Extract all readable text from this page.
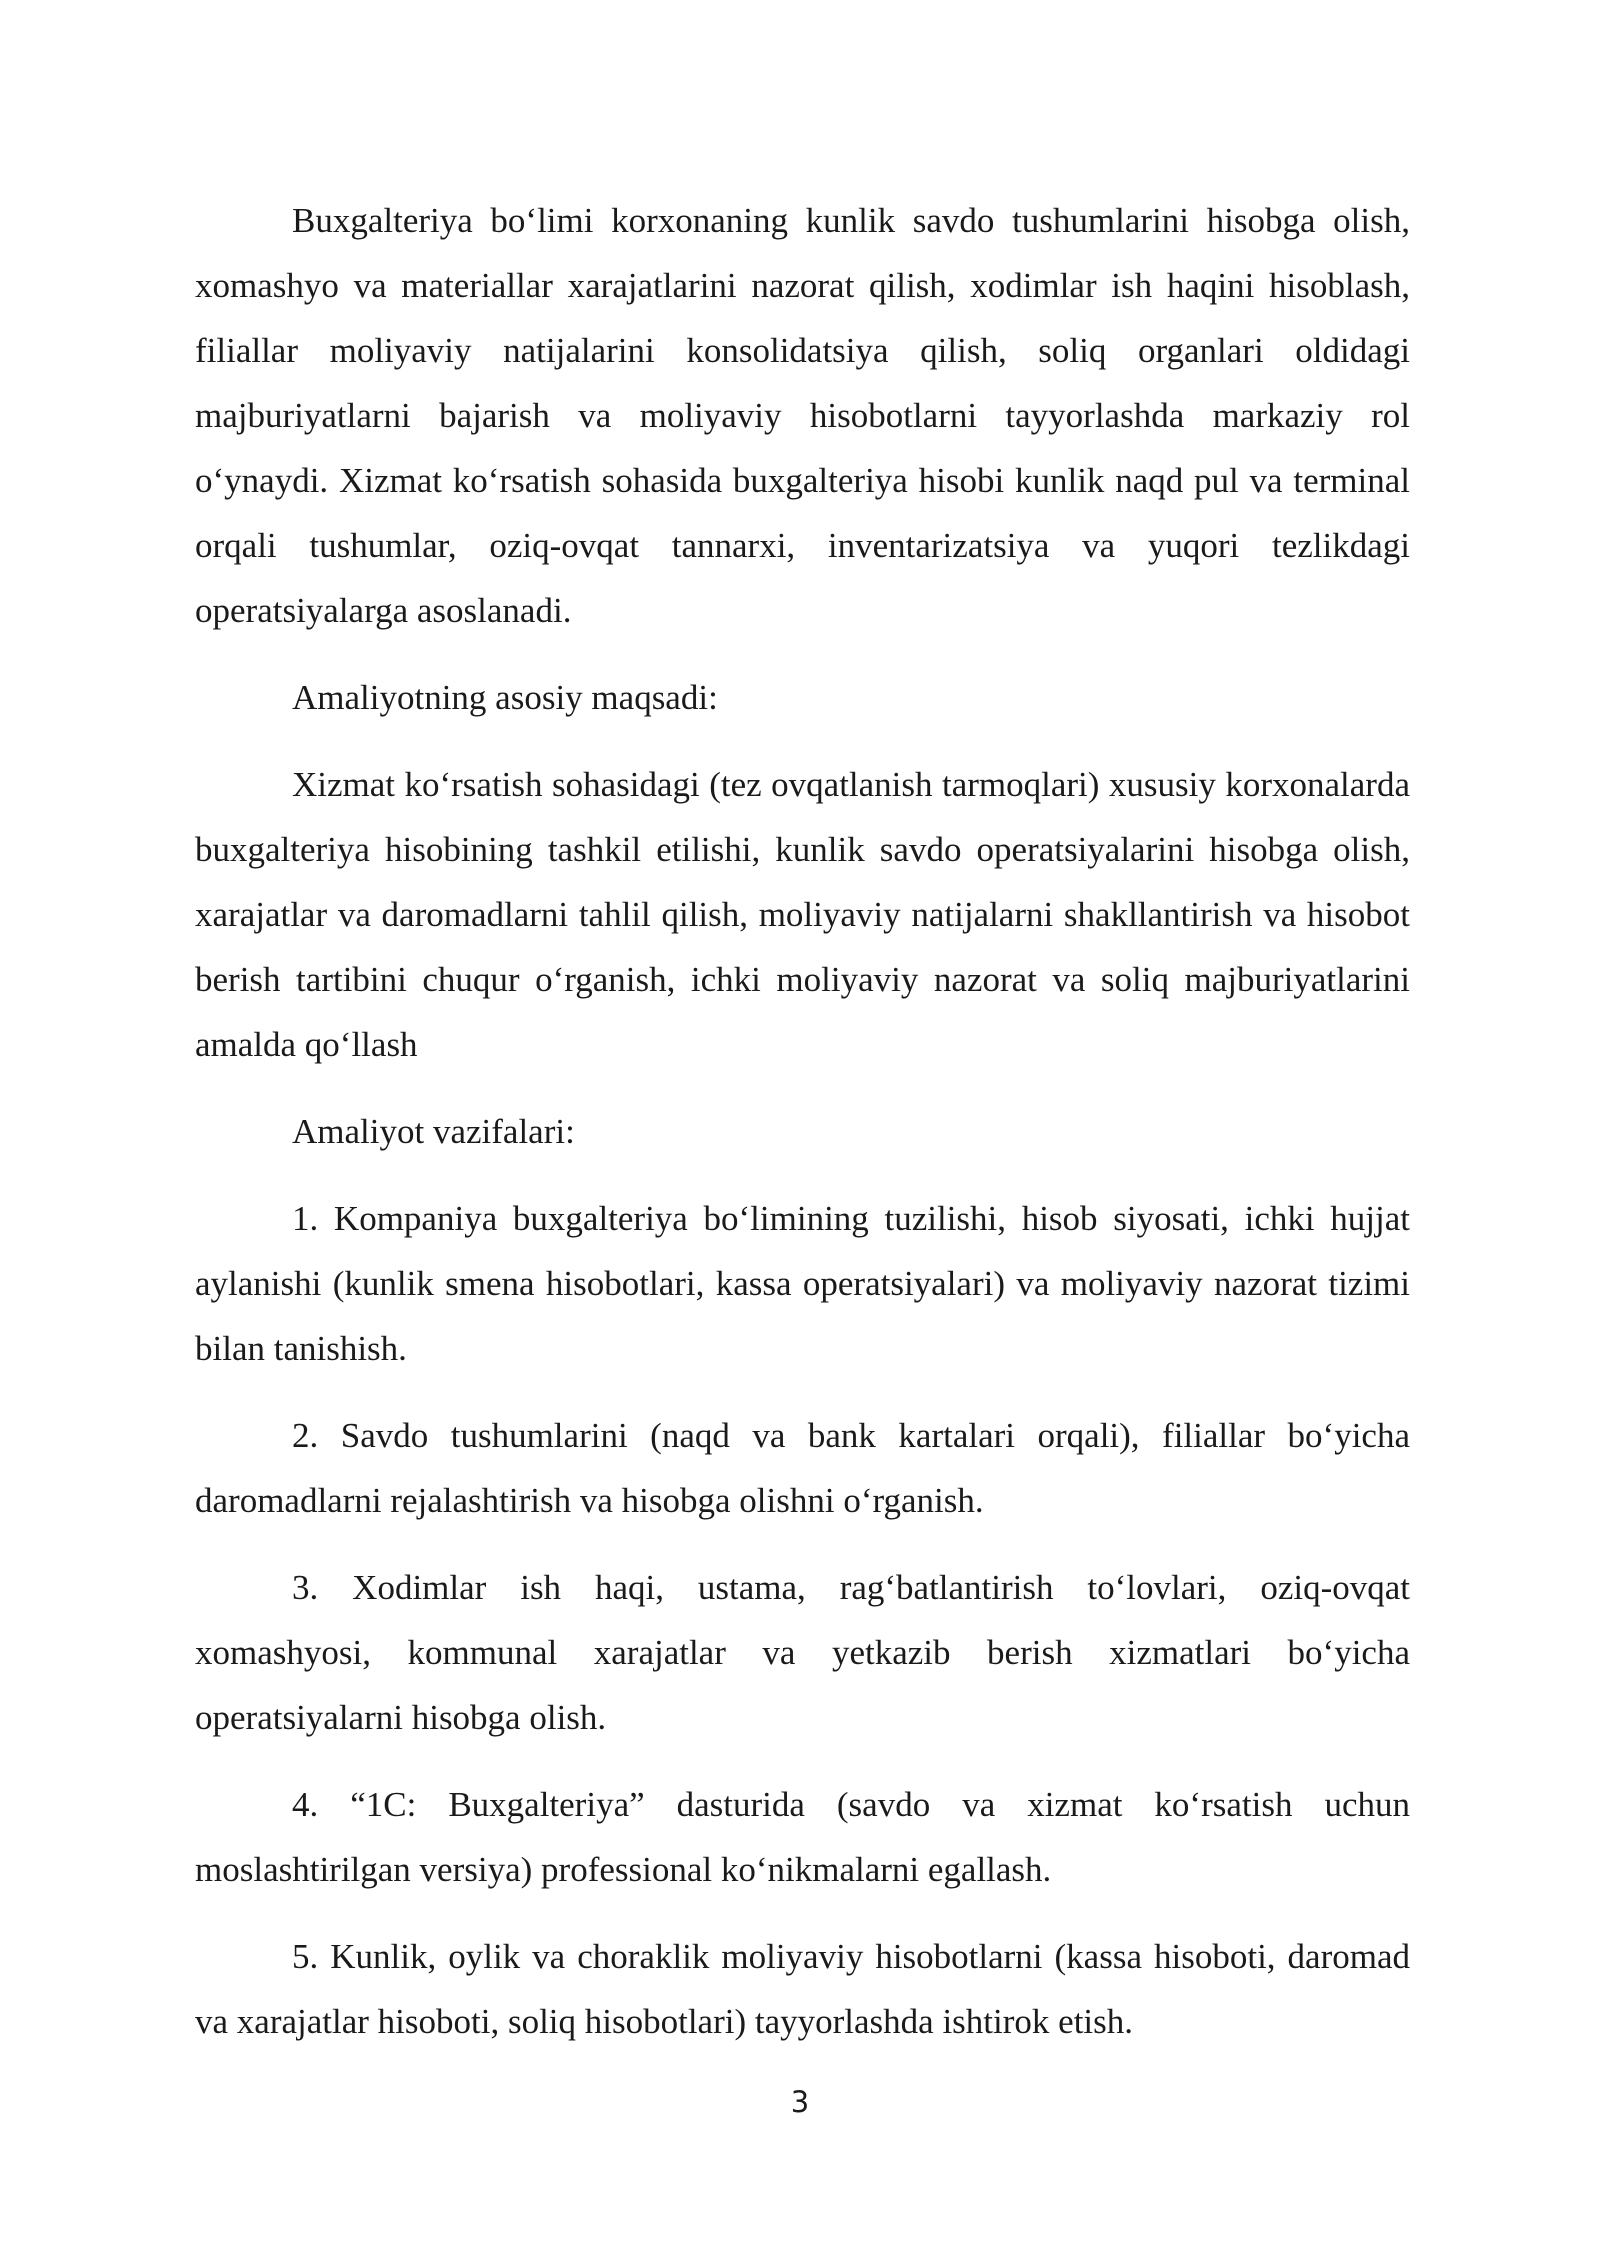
Buxgalteriya bo‘limi korxonaning kunlik savdo tushumlarini hisobga olish, xomashyo va materiallar xarajatlarini nazorat qilish, xodimlar ish haqini hisoblash, filiallar moliyaviy natijalarini konsolidatsiya qilish, soliq organlari oldidagi majburiyatlarni bajarish va moliyaviy hisobotlarni tayyorlashda markaziy rol o‘ynaydi. Xizmat ko‘rsatish sohasida buxgalteriya hisobi kunlik naqd pul va terminal orqali tushumlar, oziq-ovqat tannarxi, inventarizatsiya va yuqori tezlikdagi operatsiyalarga asoslanadi.

Amaliyotning asosiy maqsadi:

Xizmat ko‘rsatish sohasidagi (tez ovqatlanish tarmoqlari) xususiy korxonalarda buxgalteriya hisobining tashkil etilishi, kunlik savdo operatsiyalarini hisobga olish, xarajatlar va daromadlarni tahlil qilish, moliyaviy natijalarni shakllantirish va hisobot berish tartibini chuqur o‘rganish, ichki moliyaviy nazorat va soliq majburiyatlarini amalda qo‘llash

Amaliyot vazifalari:

1. Kompaniya buxgalteriya bo‘limining tuzilishi, hisob siyosati, ichki hujjat aylanishi (kunlik smena hisobotlari, kassa operatsiyalari) va moliyaviy nazorat tizimi bilan tanishish.

2. Savdo tushumlarini (naqd va bank kartalari orqali), filiallar bo‘yicha daromadlarni rejalashtirish va hisobga olishni o‘rganish.

3. Xodimlar ish haqi, ustama, rag‘batlantirish to‘lovlari, oziq-ovqat xomashyosi, kommunal xarajatlar va yetkazib berish xizmatlari bo‘yicha operatsiyalarni hisobga olish.

4. “1C: Buxgalteriya” dasturida (savdo va xizmat ko‘rsatish uchun moslashtirilgan versiya) professional ko‘nikmalarni egallash.

5. Kunlik, oylik va choraklik moliyaviy hisobotlarni (kassa hisoboti, daromad va xarajatlar hisoboti, soliq hisobotlari) tayyorlashda ishtirok etish.

3
